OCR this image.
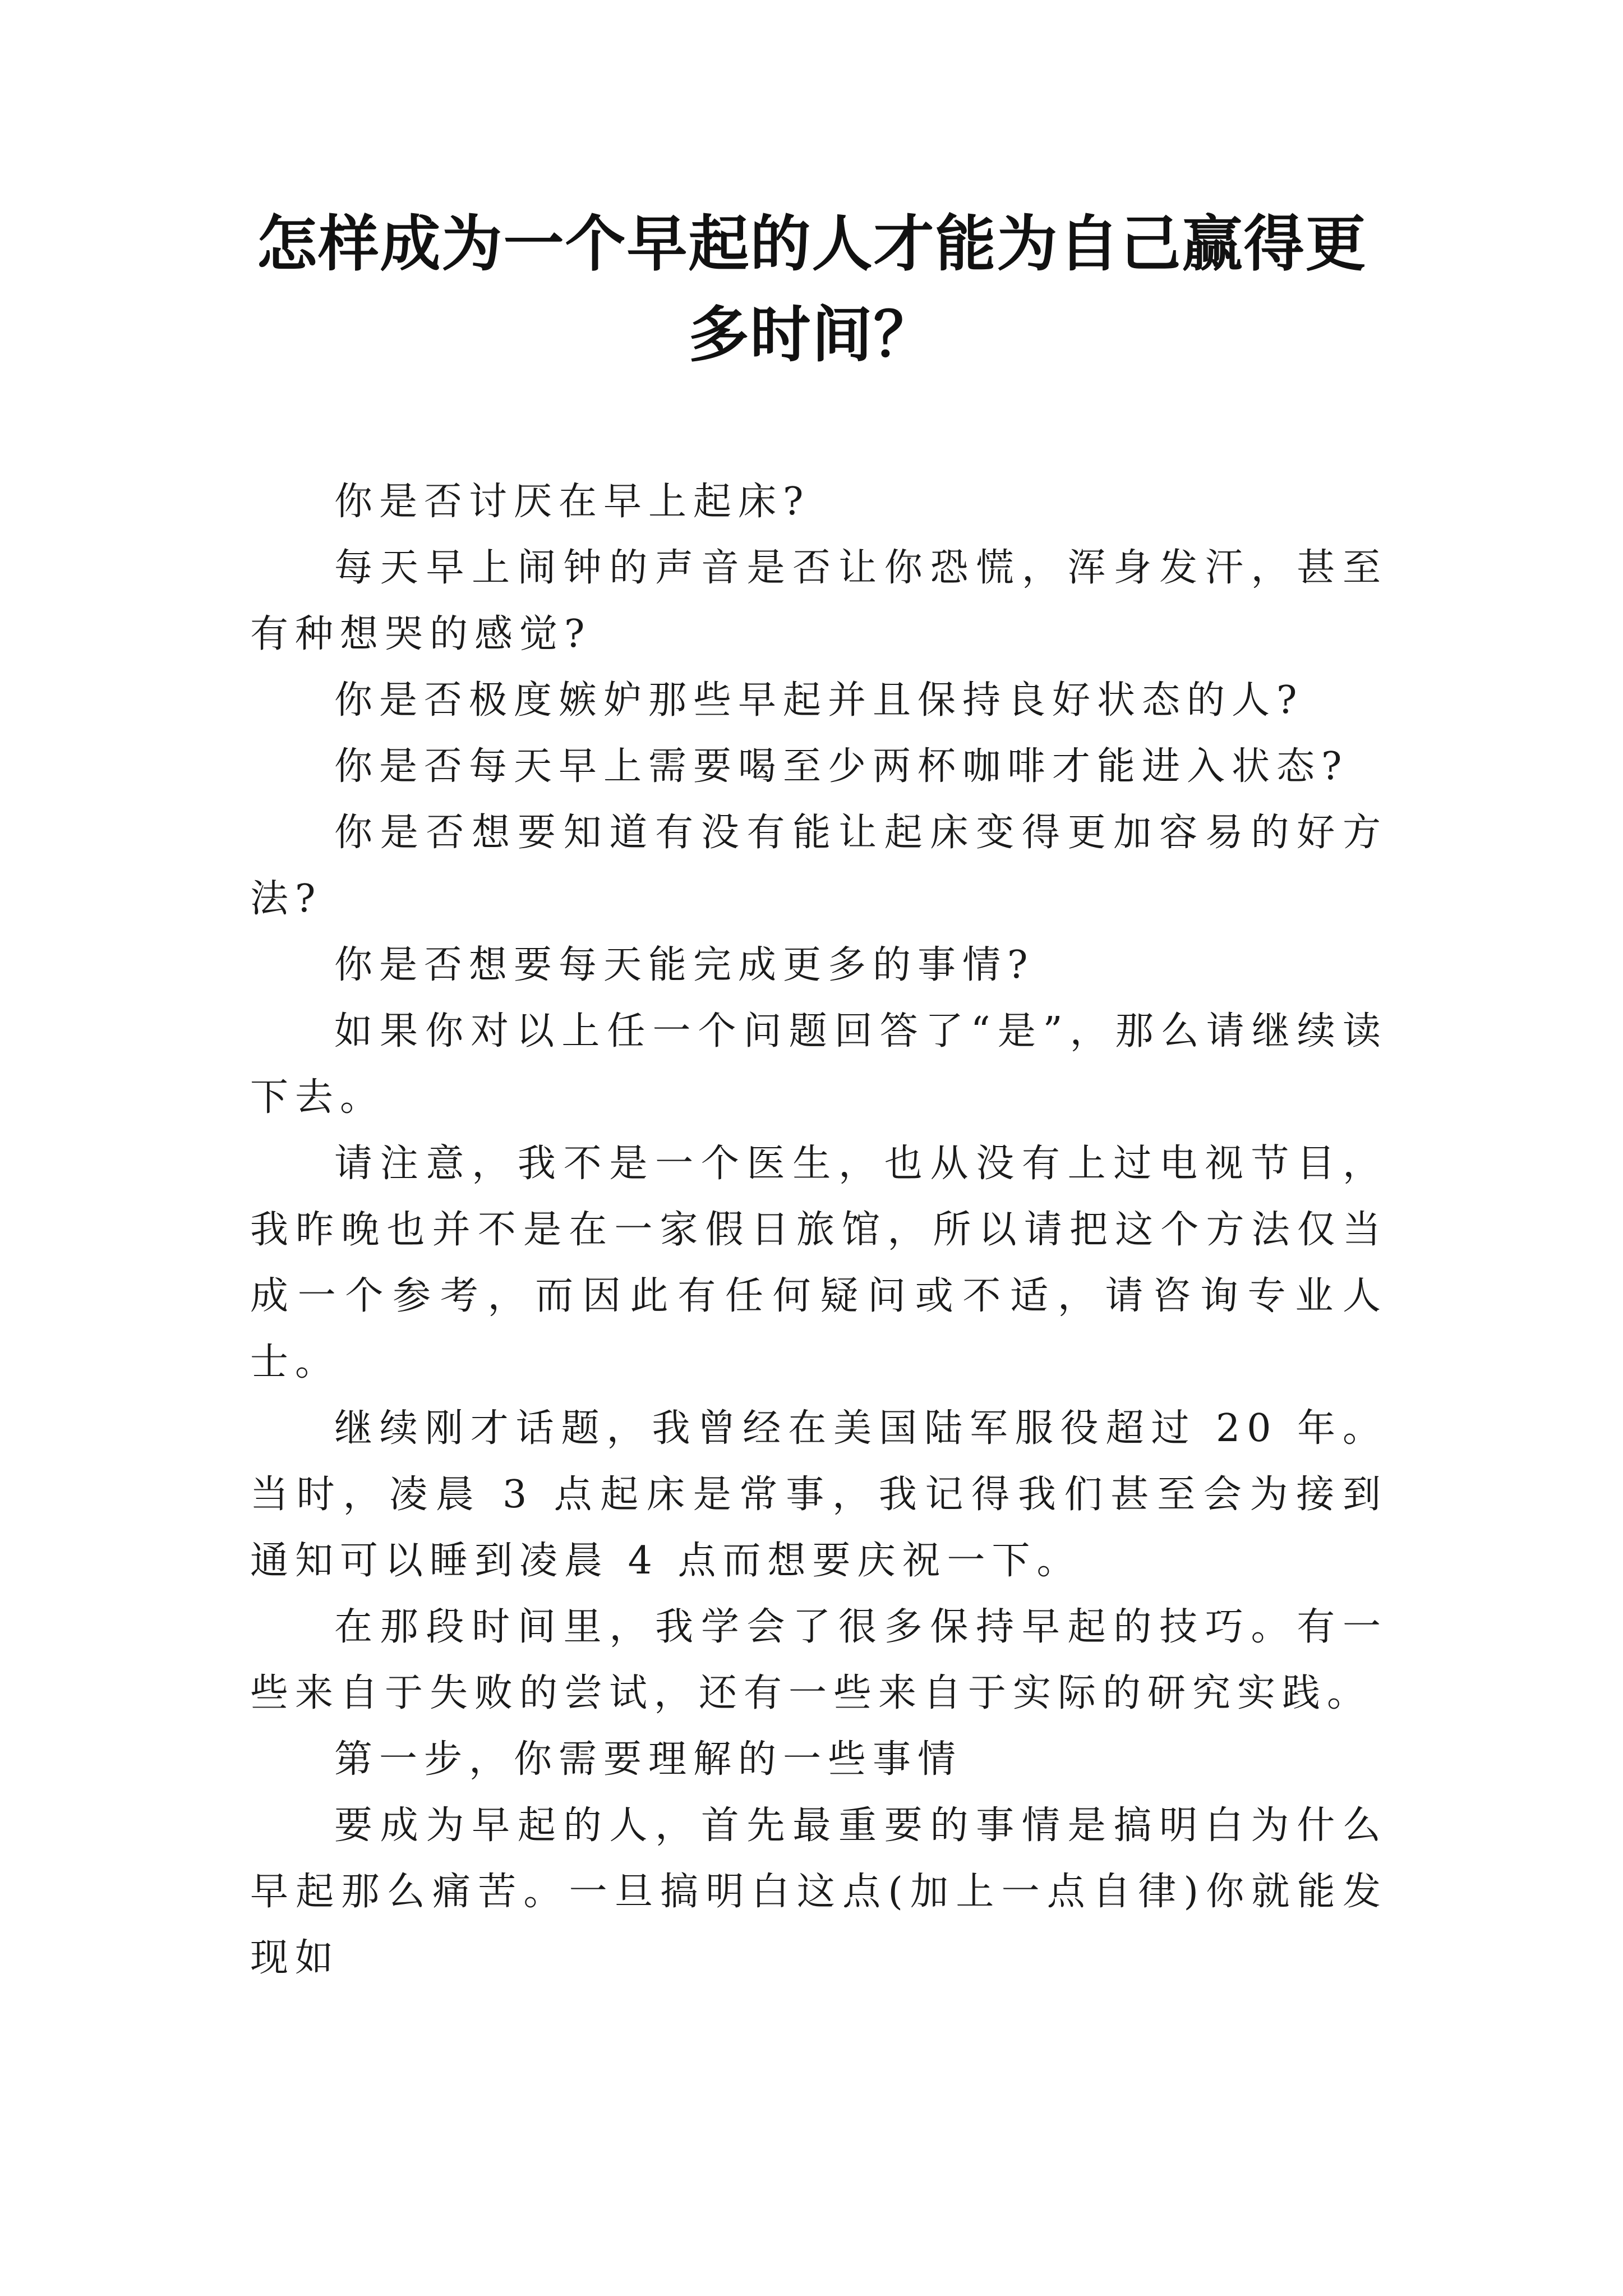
怎样成为一个早起的人才能为自己赢得更多时间？

你是否讨厌在早上起床?

每天早上闹钟的声音是否让你恐慌，浑身发汗，甚至有种想哭的感觉?

你是否极度嫉妒那些早起并且保持良好状态的人?

你是否每天早上需要喝至少两杯咖啡才能进入状态?

你是否想要知道有没有能让起床变得更加容易的好方法?

你是否想要每天能完成更多的事情?

如果你对以上任一个问题回答了“是”，那么请继续读下去。

请注意，我不是一个医生，也从没有上过电视节目，我昨晚也并不是在一家假日旅馆，所以请把这个方法仅当成一个参考，而因此有任何疑问或不适，请咨询专业人士。

继续刚才话题，我曾经在美国陆军服役超过 20 年。当时，凌晨 3 点起床是常事，我记得我们甚至会为接到通知可以睡到凌晨 4 点而想要庆祝一下。

在那段时间里，我学会了很多保持早起的技巧。有一些来自于失败的尝试，还有一些来自于实际的研究实践。

第一步，你需要理解的一些事情

要成为早起的人，首先最重要的事情是搞明白为什么早起那么痛苦。一旦搞明白这点(加上一点自律)你就能发现如
